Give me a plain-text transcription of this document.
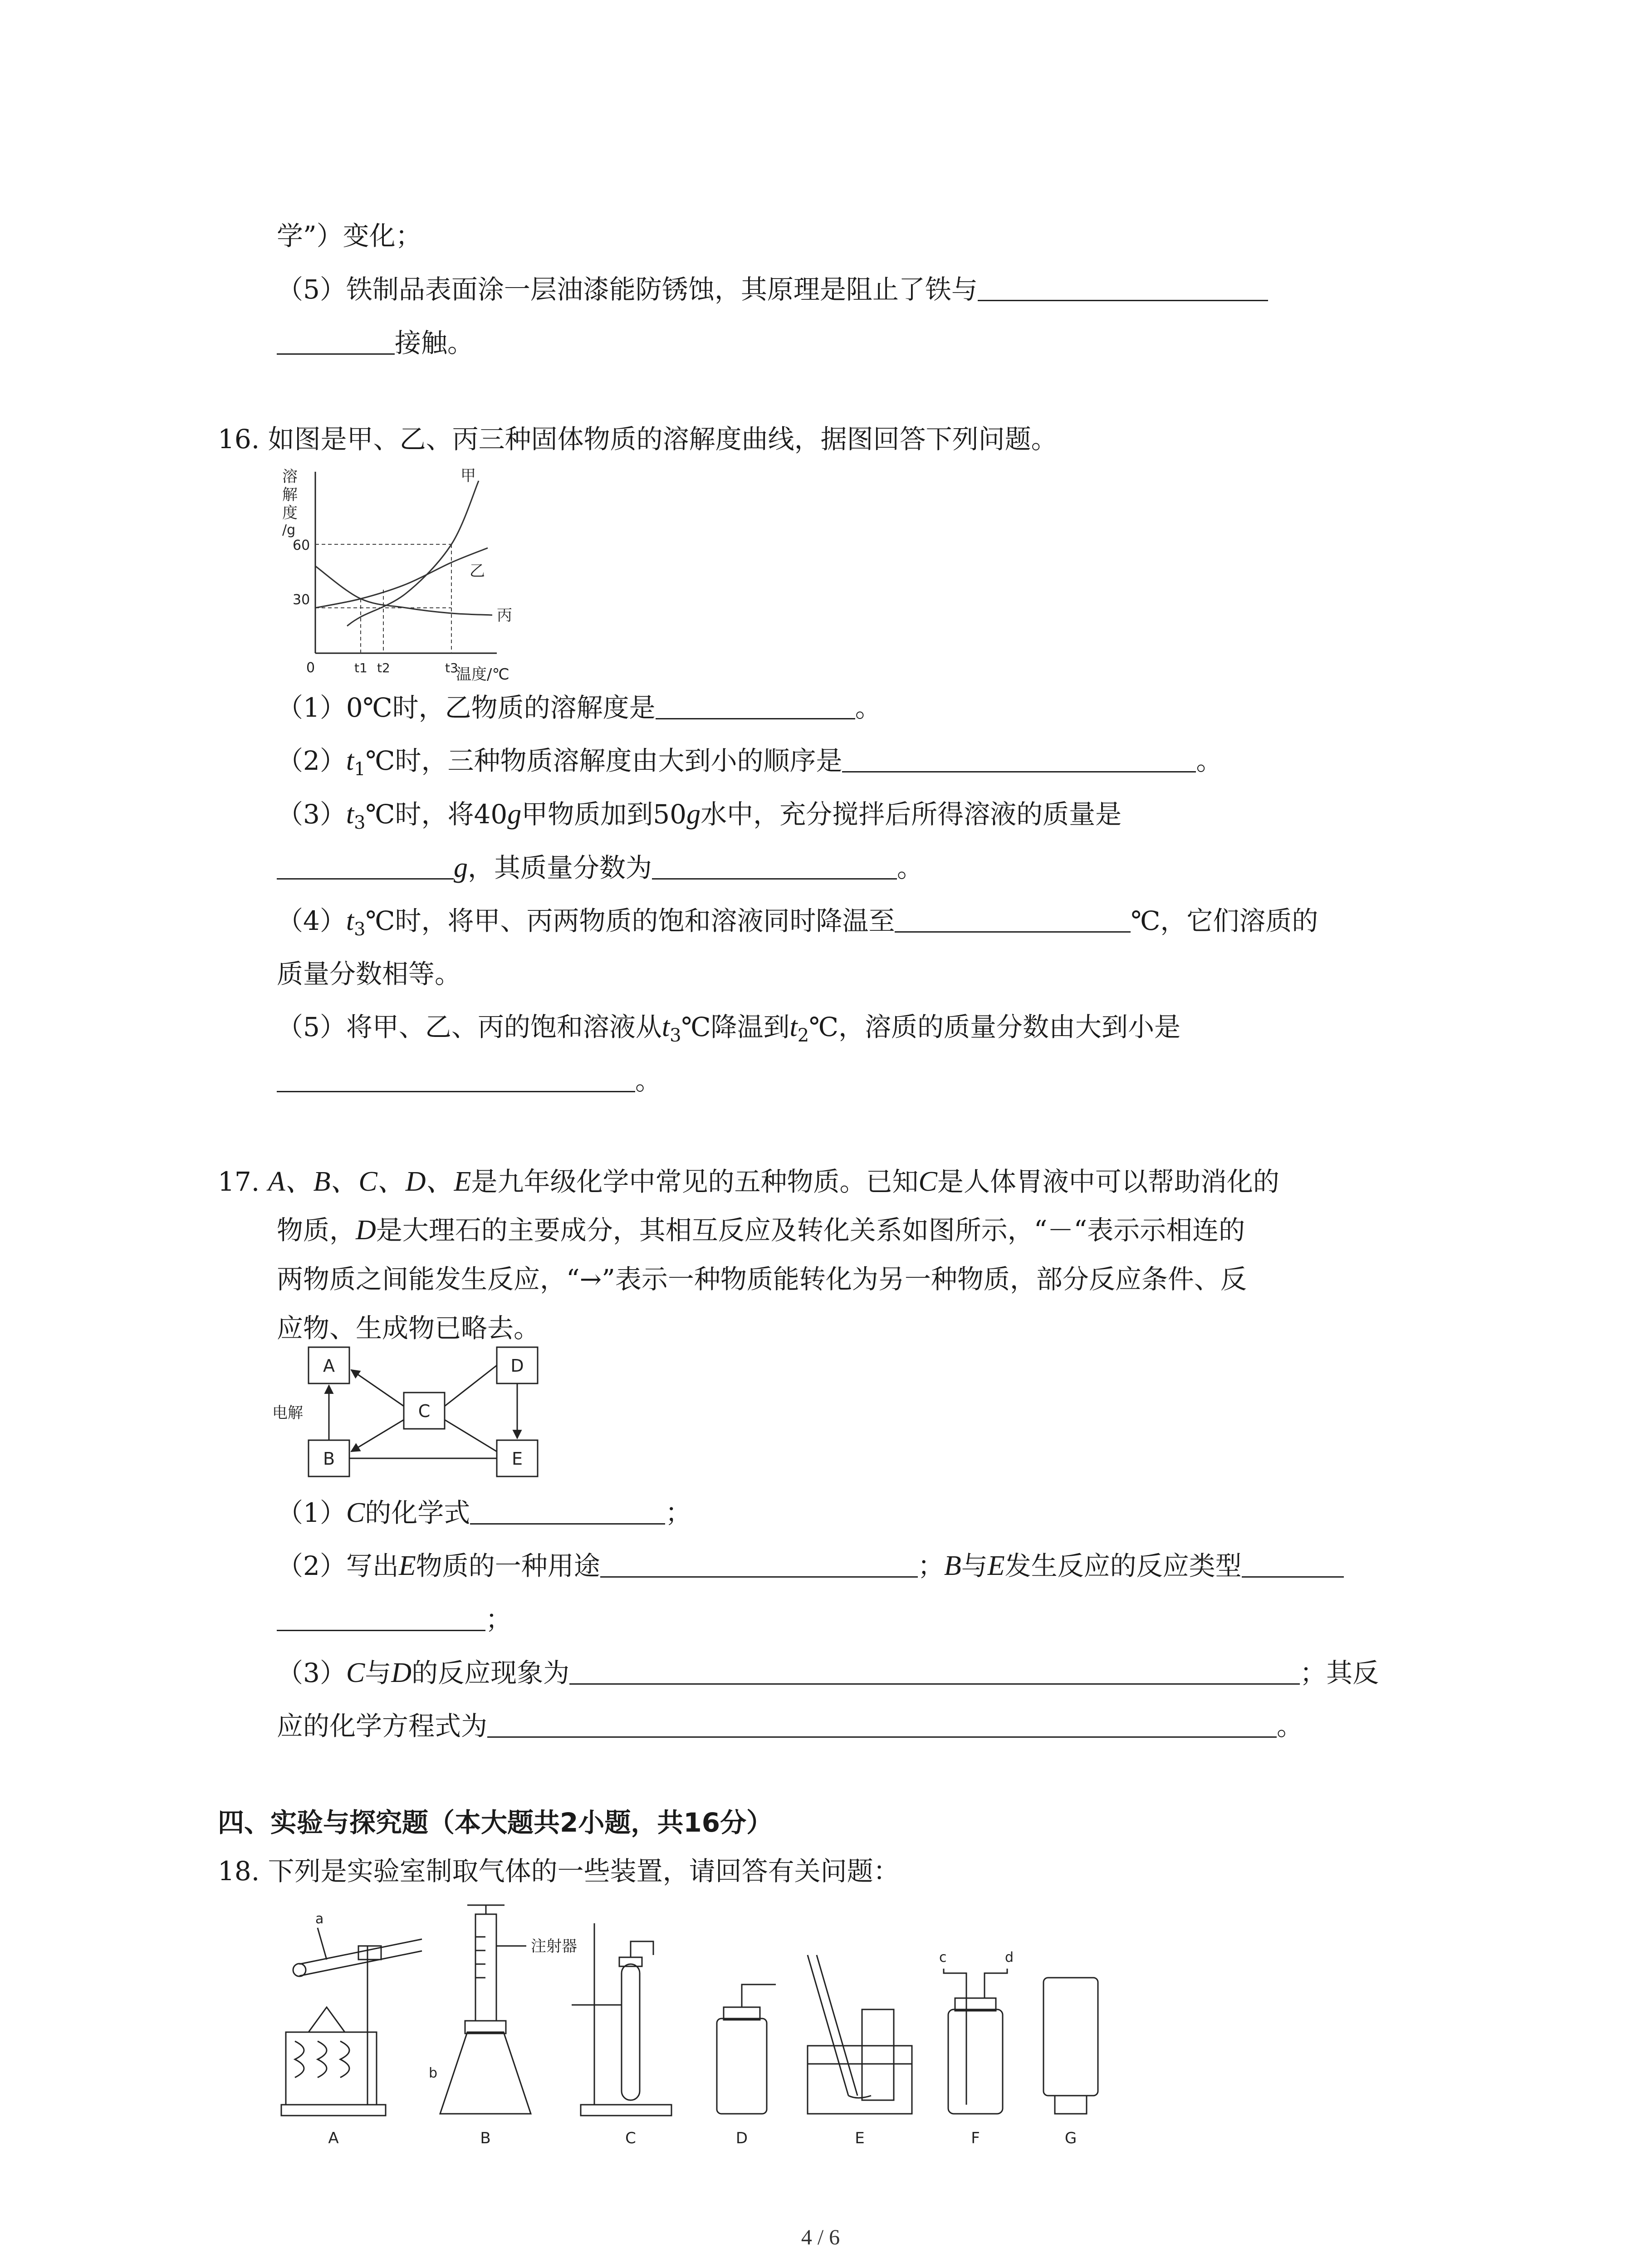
学”）变化；
（5）铁制品表面涂一层油漆能防锈蚀，其原理是阻止了铁与
接触。
16. 如图是甲、乙、丙三种固体物质的溶解度曲线，据图回答下列问题。
溶
解
度
/g
0	温度/℃
甲
乙
丙
30
60
t1 t2	t3
（1）0℃时，乙物质的溶解度是	。
$(2)t_1℃$时，三种物质溶解度由大到小的顺序是	。
$(3)t_3℃$时，将40g甲物质加到50g水中，充分搅拌后所得溶液的质量是
g，其质量分数为	。
$(4)t_3℃$时，将甲、丙两物质的饱和溶液同时降温至	℃，它们溶质的
质量分数相等。
（5）将甲、乙、丙的饱和溶液从$t_3℃$降温到$t_2℃$，溶质的质量分数由大到小是
。
17. A、B、C、D、E是九年级化学中常见的五种物质。已知C是人体胃液中可以帮助消化的
物质，D是大理石的主要成分，其相互反应及转化关系如图所示，“－“表示示相连的
两物质之间能发生反应，“→”表示一种物质能转化为另一种物质，部分反应条件、反
应物、生成物已略去。
A	D
C
B	E
电解
（1）C的化学式	；
（2）写出E物质的一种用途	；B与E发生反应的反应类型
；
（3）C与D的反应现象为	；其反
应的化学方程式为	。
四、实验与探究题（本大题共2小题，共16分）
18. 下列是实验室制取气体的一些装置，请回答有关问题：
a
b
注射器
c	d
A	B	C	D	E	F	G
4 / 6
